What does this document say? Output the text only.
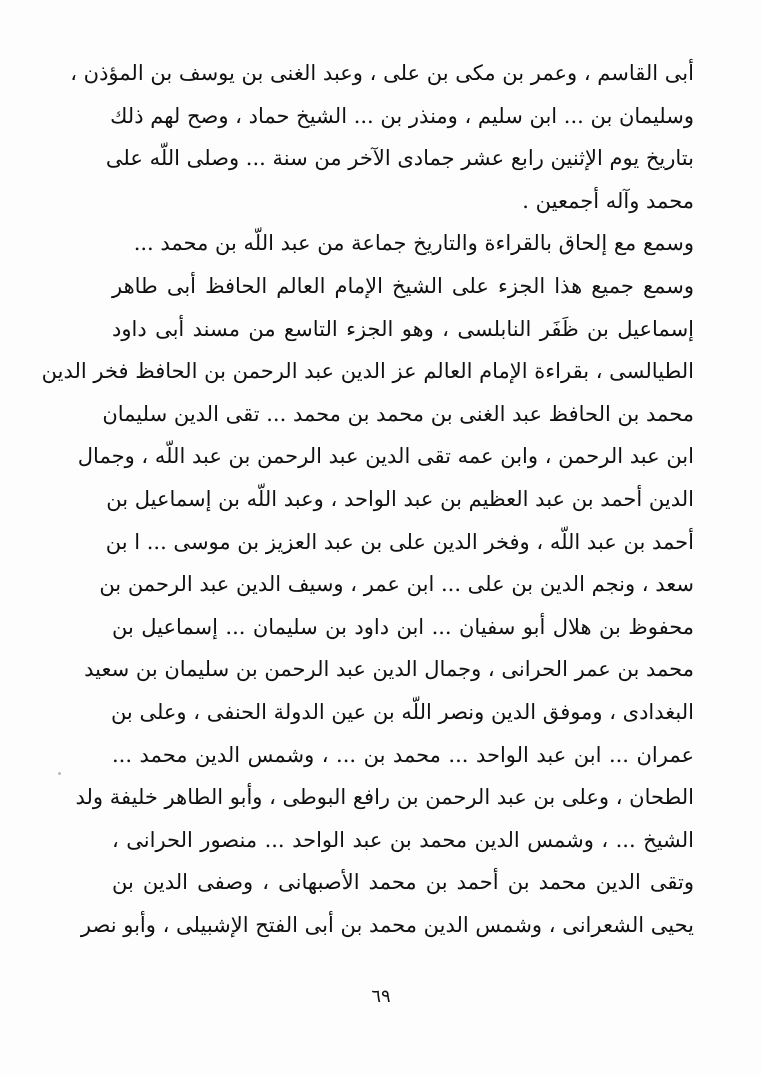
أبى القاسم ، وعمر بن مكى بن على ، وعبد الغنى بن يوسف بن المؤذن ،
وسليمان بن ... ابن سليم ، ومنذر بن ... الشيخ حماد ، وصح لهم ذلك
بتاريخ يوم الإثنين رابع عشر جمادى الآخر من سنة ... وصلى اللّه على
محمد وآله أجمعين .
وسمع مع إلحاق بالقراءة والتاريخ جماعة من عبد اللّه بن محمد ...
وسمع جميع هذا الجزء على الشيخ الإمام العالم الحافظ أبى طاهر
إسماعيل بن ظَفَر النابلسى ، وهو الجزء التاسع من مسند أبى داود
الطيالسى ، بقراءة الإمام العالم عز الدين عبد الرحمن بن الحافظ فخر الدين
محمد بن الحافظ عبد الغنى بن محمد بن محمد ... تقى الدين سليمان
ابن عبد الرحمن ، وابن عمه تقى الدين عبد الرحمن بن عبد اللّه ، وجمال
الدين أحمد بن عبد العظيم بن عبد الواحد ، وعبد اللّه بن إسماعيل بن
أحمد بن عبد اللّه ، وفخر الدين على بن عبد العزيز بن موسى ... ا بن
سعد ، ونجم الدين بن على ... ابن عمر ، وسيف الدين عبد الرحمن بن
محفوظ بن هلال أبو سفيان ... ابن داود بن سليمان ... إسماعيل بن
محمد بن عمر الحرانى ، وجمال الدين عبد الرحمن بن سليمان بن سعيد
البغدادى ، وموفق الدين ونصر اللّه بن عين الدولة الحنفى ، وعلى بن
عمران ... ابن عبد الواحد ... محمد بن ... ، وشمس الدين محمد ...
الطحان ، وعلى بن عبد الرحمن بن رافع البوطى ، وأبو الطاهر خليفة ولد
الشيخ ... ، وشمس الدين محمد بن عبد الواحد ... منصور الحرانى ،
وتقى الدين محمد بن أحمد بن محمد الأصبهانى ، وصفى الدين بن
يحيى الشعرانى ، وشمس الدين محمد بن أبى الفتح الإشبيلى ، وأبو نصر
٦٩
